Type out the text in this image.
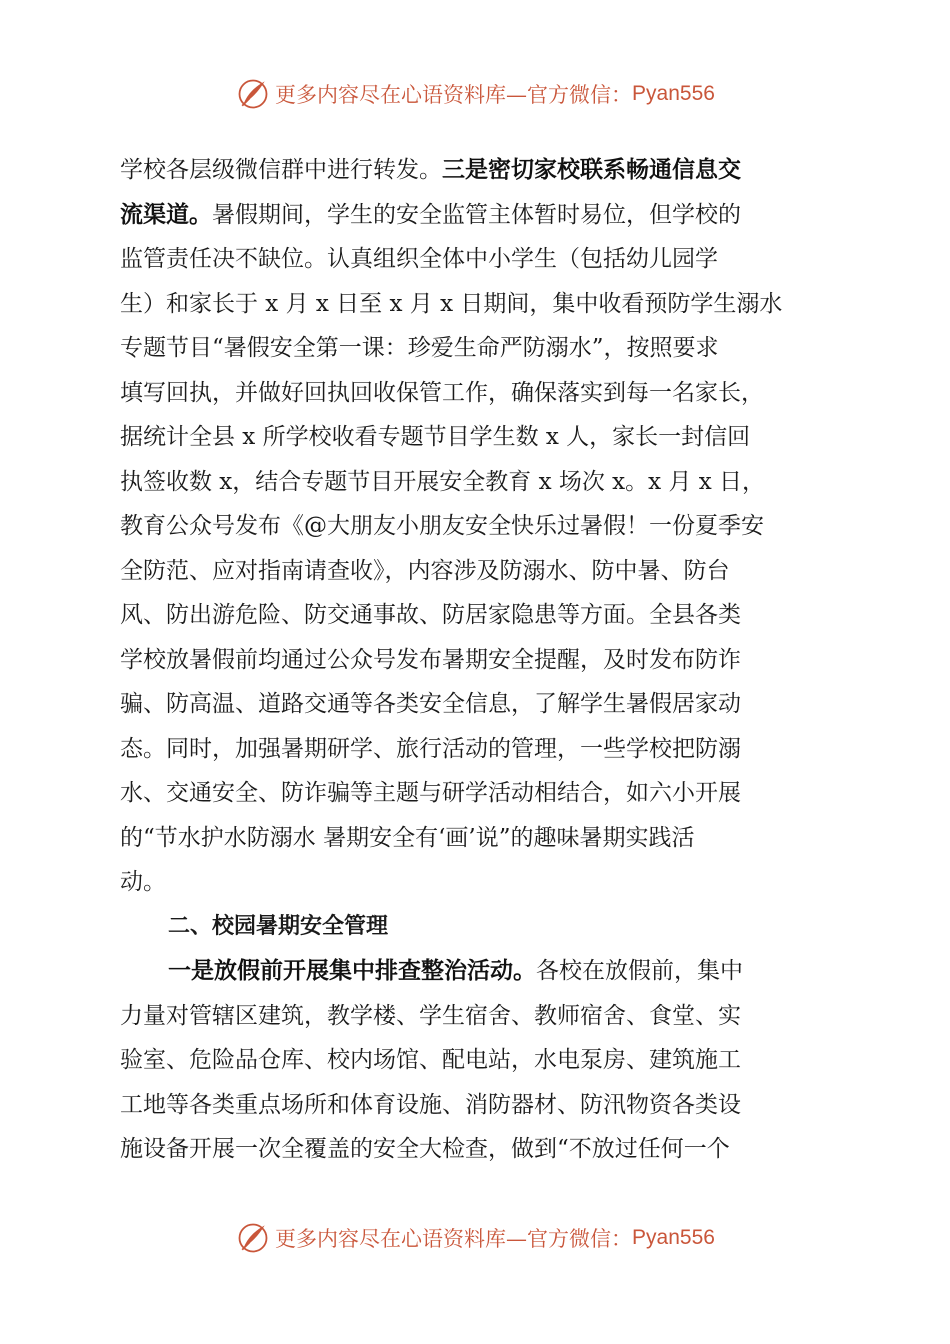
更多内容尽在心语资料库—官方微信： Pyan556
学校各层级微信群中进行转发。三是密切家校联系畅通信息交
流渠道。暑假期间，学生的安全监管主体暂时易位，但学校的
监管责任决不缺位。认真组织全体中小学生（包括幼儿园学
生）和家长于 x 月 x 日至 x 月 x 日期间，集中收看预防学生溺水
专题节目“暑假安全第一课：珍爱生命严防溺水”，按照要求
填写回执，并做好回执回收保管工作，确保落实到每一名家长，
据统计全县 x 所学校收看专题节目学生数 x 人，家长一封信回
执签收数 x，结合专题节目开展安全教育 x 场次 x。x 月 x 日，
教育公众号发布《@大朋友小朋友安全快乐过暑假！一份夏季安
全防范、应对指南请查收》，内容涉及防溺水、防中暑、防台
风、防出游危险、防交通事故、防居家隐患等方面。全县各类
学校放暑假前均通过公众号发布暑期安全提醒，及时发布防诈
骗、防高温、道路交通等各类安全信息，了解学生暑假居家动
态。同时，加强暑期研学、旅行活动的管理，一些学校把防溺
水、交通安全、防诈骗等主题与研学活动相结合，如六小开展
的“节水护水防溺水 暑期安全有‘画’说”的趣味暑期实践活
动。
二、校园暑期安全管理
一是放假前开展集中排查整治活动。各校在放假前，集中
力量对管辖区建筑，教学楼、学生宿舍、教师宿舍、食堂、实
验室、危险品仓库、校内场馆、配电站，水电泵房、建筑施工
工地等各类重点场所和体育设施、消防器材、防汛物资各类设
施设备开展一次全覆盖的安全大检查，做到“不放过任何一个
更多内容尽在心语资料库—官方微信： Pyan556
